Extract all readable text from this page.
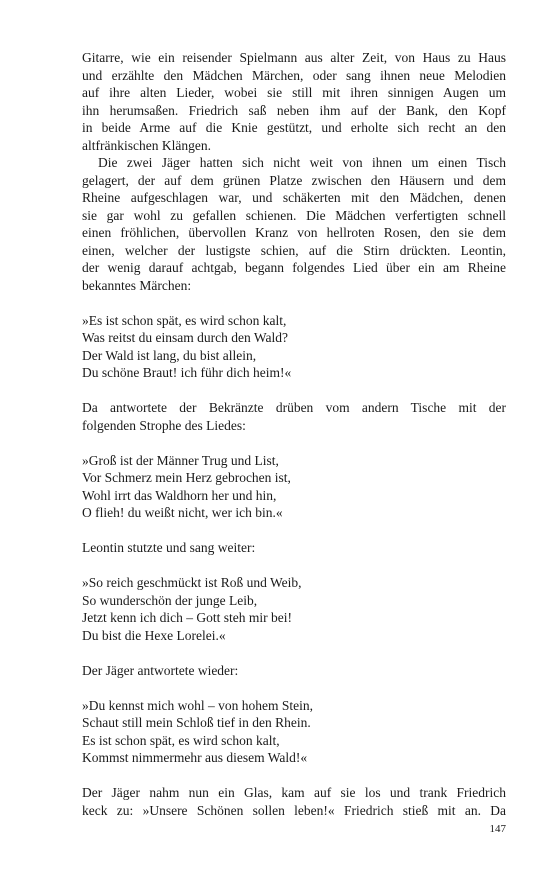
Gitarre, wie ein reisender Spielmann aus alter Zeit, von Haus zu Haus
und erzählte den Mädchen Märchen, oder sang ihnen neue Melodien
auf ihre alten Lieder, wobei sie still mit ihren sinnigen Augen um
ihn herumsaßen. Friedrich saß neben ihm auf der Bank, den Kopf
in beide Arme auf die Knie gestützt, und erholte sich recht an den
altfränkischen Klängen.
Die zwei Jäger hatten sich nicht weit von ihnen um einen Tisch
gelagert, der auf dem grünen Platze zwischen den Häusern und dem
Rheine aufgeschlagen war, und schäkerten mit den Mädchen, denen
sie gar wohl zu gefallen schienen. Die Mädchen verfertigten schnell
einen fröhlichen, übervollen Kranz von hellroten Rosen, den sie dem
einen, welcher der lustigste schien, auf die Stirn drückten. Leontin,
der wenig darauf achtgab, begann folgendes Lied über ein am Rheine
bekanntes Märchen:
»Es ist schon spät, es wird schon kalt,
Was reitst du einsam durch den Wald?
Der Wald ist lang, du bist allein,
Du schöne Braut! ich führ dich heim!«
Da antwortete der Bekränzte drüben vom andern Tische mit der
folgenden Strophe des Liedes:
»Groß ist der Männer Trug und List,
Vor Schmerz mein Herz gebrochen ist,
Wohl irrt das Waldhorn her und hin,
O flieh! du weißt nicht, wer ich bin.«
Leontin stutzte und sang weiter:
»So reich geschmückt ist Roß und Weib,
So wunderschön der junge Leib,
Jetzt kenn ich dich – Gott steh mir bei!
Du bist die Hexe Lorelei.«
Der Jäger antwortete wieder:
»Du kennst mich wohl – von hohem Stein,
Schaut still mein Schloß tief in den Rhein.
Es ist schon spät, es wird schon kalt,
Kommst nimmermehr aus diesem Wald!«
Der Jäger nahm nun ein Glas, kam auf sie los und trank Friedrich
keck zu: »Unsere Schönen sollen leben!« Friedrich stieß mit an. Da
147
